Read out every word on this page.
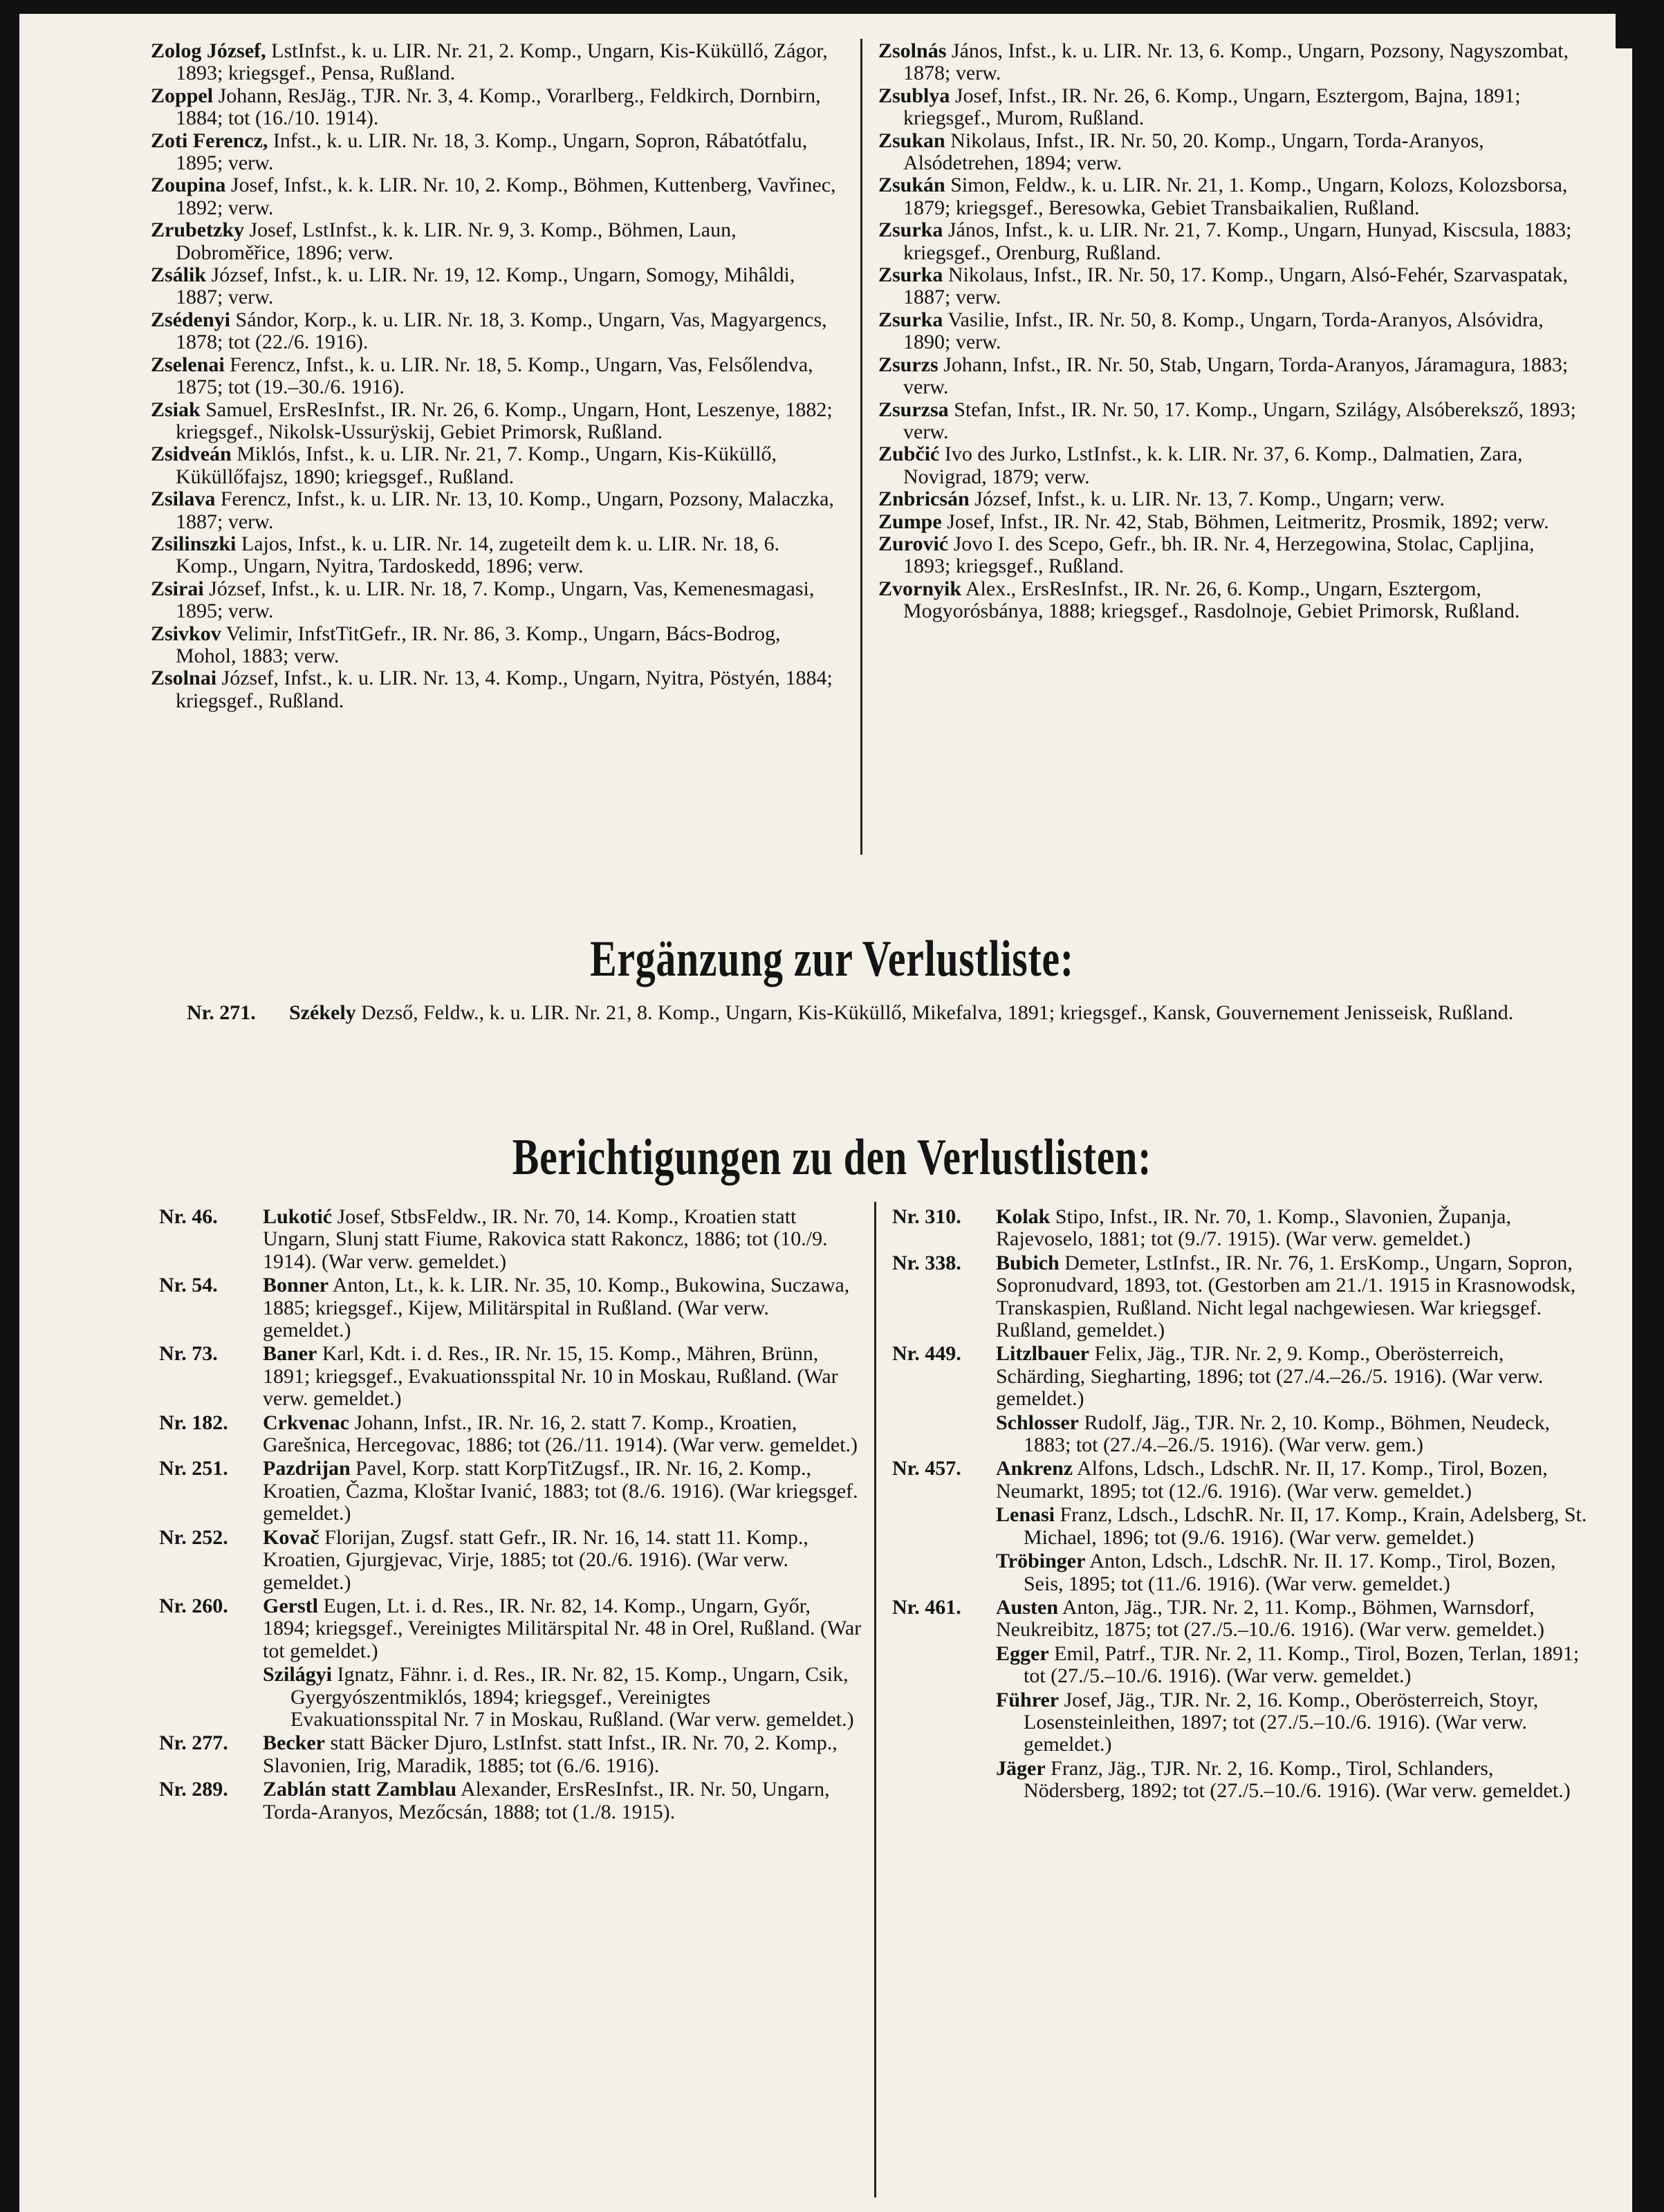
Zolog József, LstInfst., k. u. LIR. Nr. 21, 2. Komp., Ungarn, Kis-Küküllő, Zágor, 1893; kriegsgef., Pensa, Rußland.

Zoppel Johann, ResJäg., TJR. Nr. 3, 4. Komp., Vorarlberg., Feldkirch, Dornbirn, 1884; tot (16./10. 1914).

Zoti Ferencz, Infst., k. u. LIR. Nr. 18, 3. Komp., Ungarn, Sopron, Rábatótfalu, 1895; verw.

Zoupina Josef, Infst., k. k. LIR. Nr. 10, 2. Komp., Böhmen, Kuttenberg, Vavřinec, 1892; verw.

Zrubetzky Josef, LstInfst., k. k. LIR. Nr. 9, 3. Komp., Böhmen, Laun, Dobroměřice, 1896; verw.

Zsálik József, Infst., k. u. LIR. Nr. 19, 12. Komp., Ungarn, Somogy, Mihâldi, 1887; verw.

Zsédenyi Sándor, Korp., k. u. LIR. Nr. 18, 3. Komp., Ungarn, Vas, Magyargencs, 1878; tot (22./6. 1916).

Zselenai Ferencz, Infst., k. u. LIR. Nr. 18, 5. Komp., Ungarn, Vas, Felsőlendva, 1875; tot (19.–30./6. 1916).

Zsiak Samuel, ErsResInfst., IR. Nr. 26, 6. Komp., Ungarn, Hont, Leszenye, 1882; kriegsgef., Nikolsk-Ussurÿskij, Gebiet Primorsk, Rußland.

Zsidveán Miklós, Infst., k. u. LIR. Nr. 21, 7. Komp., Ungarn, Kis-Küküllő, Küküllőfajsz, 1890; kriegsgef., Rußland.

Zsilava Ferencz, Infst., k. u. LIR. Nr. 13, 10. Komp., Ungarn, Pozsony, Malaczka, 1887; verw.

Zsilinszki Lajos, Infst., k. u. LIR. Nr. 14, zugeteilt dem k. u. LIR. Nr. 18, 6. Komp., Ungarn, Nyitra, Tardoskedd, 1896; verw.

Zsirai József, Infst., k. u. LIR. Nr. 18, 7. Komp., Ungarn, Vas, Kemenesmagasi, 1895; verw.

Zsivkov Velimir, InfstTitGefr., IR. Nr. 86, 3. Komp., Ungarn, Bács-Bodrog, Mohol, 1883; verw.

Zsolnai József, Infst., k. u. LIR. Nr. 13, 4. Komp., Ungarn, Nyitra, Pöstyén, 1884; kriegsgef., Rußland.

Zsolnás János, Infst., k. u. LIR. Nr. 13, 6. Komp., Ungarn, Pozsony, Nagyszombat, 1878; verw.

Zsublya Josef, Infst., IR. Nr. 26, 6. Komp., Ungarn, Esztergom, Bajna, 1891; kriegsgef., Murom, Rußland.

Zsukan Nikolaus, Infst., IR. Nr. 50, 20. Komp., Ungarn, Torda-Aranyos, Alsódetrehen, 1894; verw.

Zsukán Simon, Feldw., k. u. LIR. Nr. 21, 1. Komp., Ungarn, Kolozs, Kolozsborsa, 1879; kriegsgef., Beresowka, Gebiet Transbaikalien, Rußland.

Zsurka János, Infst., k. u. LIR. Nr. 21, 7. Komp., Ungarn, Hunyad, Kiscsula, 1883; kriegsgef., Orenburg, Rußland.

Zsurka Nikolaus, Infst., IR. Nr. 50, 17. Komp., Ungarn, Alsó-Fehér, Szarvaspatak, 1887; verw.

Zsurka Vasilie, Infst., IR. Nr. 50, 8. Komp., Ungarn, Torda-Aranyos, Alsóvidra, 1890; verw.

Zsurzs Johann, Infst., IR. Nr. 50, Stab, Ungarn, Torda-Aranyos, Járamagura, 1883; verw.

Zsurzsa Stefan, Infst., IR. Nr. 50, 17. Komp., Ungarn, Szilágy, Alsóbereksző, 1893; verw.

Zubčić Ivo des Jurko, LstInfst., k. k. LIR. Nr. 37, 6. Komp., Dalmatien, Zara, Novigrad, 1879; verw.

Znbricsán József, Infst., k. u. LIR. Nr. 13, 7. Komp., Ungarn; verw.

Zumpe Josef, Infst., IR. Nr. 42, Stab, Böhmen, Leitmeritz, Prosmik, 1892; verw.

Zurović Jovo I. des Scepo, Gefr., bh. IR. Nr. 4, Herzegowina, Stolac, Capljina, 1893; kriegsgef., Rußland.

Zvornyik Alex., ErsResInfst., IR. Nr. 26, 6. Komp., Ungarn, Esztergom, Mogyorósbánya, 1888; kriegsgef., Rasdolnoje, Gebiet Primorsk, Rußland.

Ergänzung zur Verlustliste:
Nr. 271. Székely Dezső, Feldw., k. u. LIR. Nr. 21, 8. Komp., Ungarn, Kis-Küküllő, Mikefalva, 1891; kriegsgef., Kansk, Gouvernement Jenisseisk, Rußland.
Berichtigungen zu den Verlustlisten:

Nr. 46. Lukotić Josef, StbsFeldw., IR. Nr. 70, 14. Komp., Kroatien statt Ungarn, Slunj statt Fiume, Rakovica statt Rakoncz, 1886; tot (10./9. 1914). (War verw. gemeldet.)

Nr. 54. Bonner Anton, Lt., k. k. LIR. Nr. 35, 10. Komp., Bukowina, Suczawa, 1885; kriegsgef., Kijew, Militärspital in Rußland. (War verw. gemeldet.)

Nr. 73. Baner Karl, Kdt. i. d. Res., IR. Nr. 15, 15. Komp., Mähren, Brünn, 1891; kriegsgef., Evakuationsspital Nr. 10 in Moskau, Rußland. (War verw. gemeldet.)

Nr. 182. Crkvenac Johann, Infst., IR. Nr. 16, 2. statt 7. Komp., Kroatien, Garešnica, Hercegovac, 1886; tot (26./11. 1914). (War verw. gemeldet.)

Nr. 251. Pazdrijan Pavel, Korp. statt KorpTitZugsf., IR. Nr. 16, 2. Komp., Kroatien, Čazma, Kloštar Ivanić, 1883; tot (8./6. 1916). (War kriegsgef. gemeldet.)

Nr. 252. Kovač Florijan, Zugsf. statt Gefr., IR. Nr. 16, 14. statt 11. Komp., Kroatien, Gjurgjevac, Virje, 1885; tot (20./6. 1916). (War verw. gemeldet.)

Nr. 260. Gerstl Eugen, Lt. i. d. Res., IR. Nr. 82, 14. Komp., Ungarn, Győr, 1894; kriegsgef., Vereinigtes Militärspital Nr. 48 in Orel, Rußland. (War tot gemeldet.)

Szilágyi Ignatz, Fähnr. i. d. Res., IR. Nr. 82, 15. Komp., Ungarn, Csik, Gyergyószentmiklós, 1894; kriegsgef., Vereinigtes Evakuationsspital Nr. 7 in Moskau, Rußland. (War verw. gemeldet.)

Nr. 277. Becker statt Bäcker Djuro, LstInfst. statt Infst., IR. Nr. 70, 2. Komp., Slavonien, Irig, Maradik, 1885; tot (6./6. 1916).

Nr. 289. Zablán statt Zamblau Alexander, ErsResInfst., IR. Nr. 50, Ungarn, Torda-Aranyos, Mezőcsán, 1888; tot (1./8. 1915).

Nr. 310. Kolak Stipo, Infst., IR. Nr. 70, 1. Komp., Slavonien, Županja, Rajevoselo, 1881; tot (9./7. 1915). (War verw. gemeldet.)

Nr. 338. Bubich Demeter, LstInfst., IR. Nr. 76, 1. ErsKomp., Ungarn, Sopron, Sopronudvard, 1893, tot. (Gestorben am 21./1. 1915 in Krasnowodsk, Transkaspien, Rußland. Nicht legal nachgewiesen. War kriegsgef. Rußland, gemeldet.)

Nr. 449. Litzlbauer Felix, Jäg., TJR. Nr. 2, 9. Komp., Oberösterreich, Schärding, Siegharting, 1896; tot (27./4.–26./5. 1916). (War verw. gemeldet.)

Schlosser Rudolf, Jäg., TJR. Nr. 2, 10. Komp., Böhmen, Neudeck, 1883; tot (27./4.–26./5. 1916). (War verw. gem.)

Nr. 457. Ankrenz Alfons, Ldsch., LdschR. Nr. II, 17. Komp., Tirol, Bozen, Neumarkt, 1895; tot (12./6. 1916). (War verw. gemeldet.)

Lenasi Franz, Ldsch., LdschR. Nr. II, 17. Komp., Krain, Adelsberg, St. Michael, 1896; tot (9./6. 1916). (War verw. gemeldet.)

Tröbinger Anton, Ldsch., LdschR. Nr. II. 17. Komp., Tirol, Bozen, Seis, 1895; tot (11./6. 1916). (War verw. gemeldet.)

Nr. 461. Austen Anton, Jäg., TJR. Nr. 2, 11. Komp., Böhmen, Warnsdorf, Neukreibitz, 1875; tot (27./5.–10./6. 1916). (War verw. gemeldet.)

Egger Emil, Patrf., TJR. Nr. 2, 11. Komp., Tirol, Bozen, Terlan, 1891; tot (27./5.–10./6. 1916). (War verw. gemeldet.)

Führer Josef, Jäg., TJR. Nr. 2, 16. Komp., Oberösterreich, Stoyr, Losensteinleithen, 1897; tot (27./5.–10./6. 1916). (War verw. gemeldet.)

Jäger Franz, Jäg., TJR. Nr. 2, 16. Komp., Tirol, Schlanders, Nödersberg, 1892; tot (27./5.–10./6. 1916). (War verw. gemeldet.)
